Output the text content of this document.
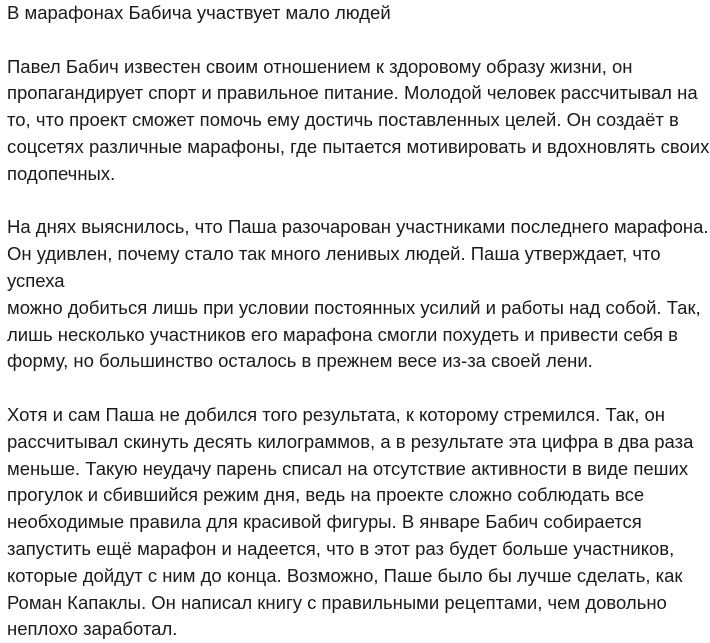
В марафонах Бабича участвует мало людей
Павел Бабич известен своим отношением к здоровому образу жизни, он
пропагандирует спорт и правильное питание. Молодой человек рассчитывал на
то, что проект сможет помочь ему достичь поставленных целей. Он создаёт в
соцсетях различные марафоны, где пытается мотивировать и вдохновлять своих
подопечных.
На днях выяснилось, что Паша разочарован участниками последнего марафона.
Он удивлен, почему стало так много ленивых людей. Паша утверждает, что успеха
можно добиться лишь при условии постоянных усилий и работы над собой. Так,
лишь несколько участников его марафона смогли похудеть и привести себя в
форму, но большинство осталось в прежнем весе из-за своей лени.
Хотя и сам Паша не добился того результата, к которому стремился. Так, он
рассчитывал скинуть десять килограммов, а в результате эта цифра в два раза
меньше. Такую неудачу парень списал на отсутствие активности в виде пеших
прогулок и сбившийся режим дня, ведь на проекте сложно соблюдать все
необходимые правила для красивой фигуры. В январе Бабич собирается
запустить ещё марафон и надеется, что в этот раз будет больше участников,
которые дойдут с ним до конца. Возможно, Паше было бы лучше сделать, как
Роман Капаклы. Он написал книгу с правильными рецептами, чем довольно
неплохо заработал.
